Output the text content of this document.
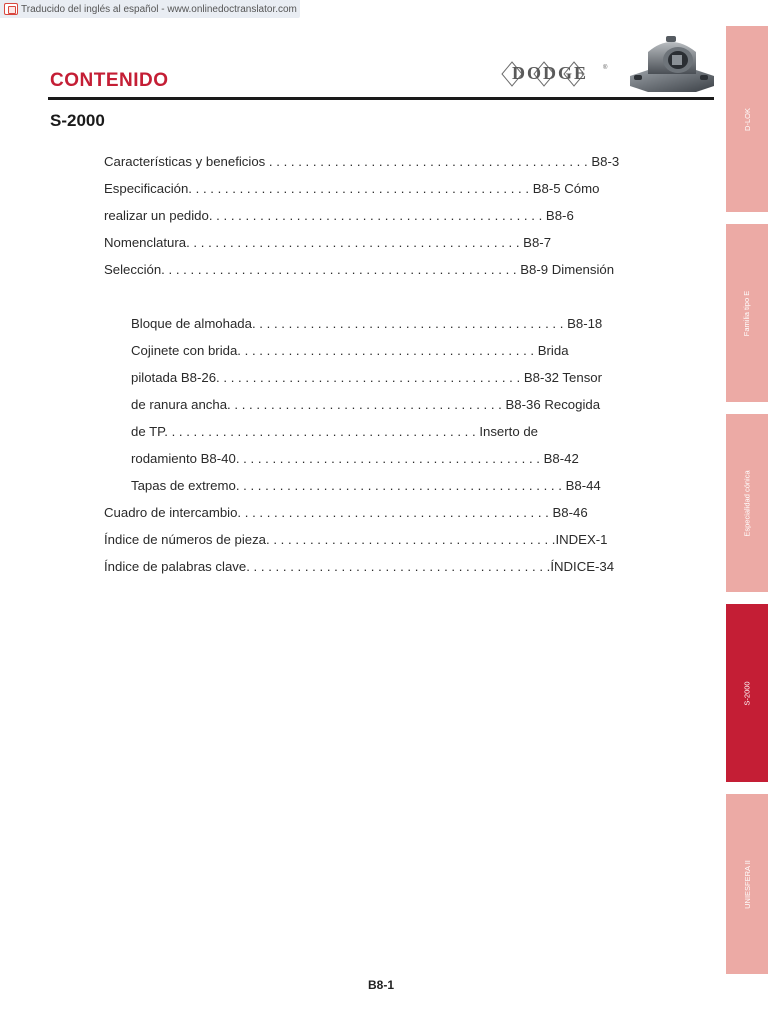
Traducido del inglés al español - www.onlinedoctranslator.com
CONTENIDO	DODGE ®
S-2000
Características y beneficios . . . . . . . . . . . . . . . . . . . . . . . . . . . . . . . . . . . . . . . . . . . . B8-3
Especificación. . . . . . . . . . . . . . . . . . . . . . . . . . . . . . . . . . . . . . . . . . . . . . . B8-5 Cómo
realizar un pedido. . . . . . . . . . . . . . . . . . . . . . . . . . . . . . . . . . . . . . . . . . . . . . B8-6
Nomenclatura. . . . . . . . . . . . . . . . . . . . . . . . . . . . . . . . . . . . . . . . . . . . . . B8-7
Selección. . . . . . . . . . . . . . . . . . . . . . . . . . . . . . . . . . . . . . . . . . . . . . . . . B8-9 Dimensión
Bloque de almohada. . . . . . . . . . . . . . . . . . . . . . . . . . . . . . . . . . . . . . . . . . . B8-18
Cojinete con brida. . . . . . . . . . . . . . . . . . . . . . . . . . . . . . . . . . . . . . . . . Brida
pilotada B8-26. . . . . . . . . . . . . . . . . . . . . . . . . . . . . . . . . . . . . . . . . . B8-32 Tensor
de ranura ancha. . . . . . . . . . . . . . . . . . . . . . . . . . . . . . . . . . . . . . B8-36 Recogida
de TP. . . . . . . . . . . . . . . . . . . . . . . . . . . . . . . . . . . . . . . . . . . Inserto de
rodamiento B8-40. . . . . . . . . . . . . . . . . . . . . . . . . . . . . . . . . . . . . . . . . . B8-42
Tapas de extremo. . . . . . . . . . . . . . . . . . . . . . . . . . . . . . . . . . . . . . . . . . . . . B8-44
Cuadro de intercambio. . . . . . . . . . . . . . . . . . . . . . . . . . . . . . . . . . . . . . . . . . . B8-46
Índice de números de pieza. . . . . . . . . . . . . . . . . . . . . . . . . . . . . . . . . . . . . . . .INDEX-1
Índice de palabras clave. . . . . . . . . . . . . . . . . . . . . . . . . . . . . . . . . . . . . . . . . .ÍNDICE-34
D-LOK
Familia tipo E
Especialidad cónica
S-2000
UNIESFERA II
B8-1
